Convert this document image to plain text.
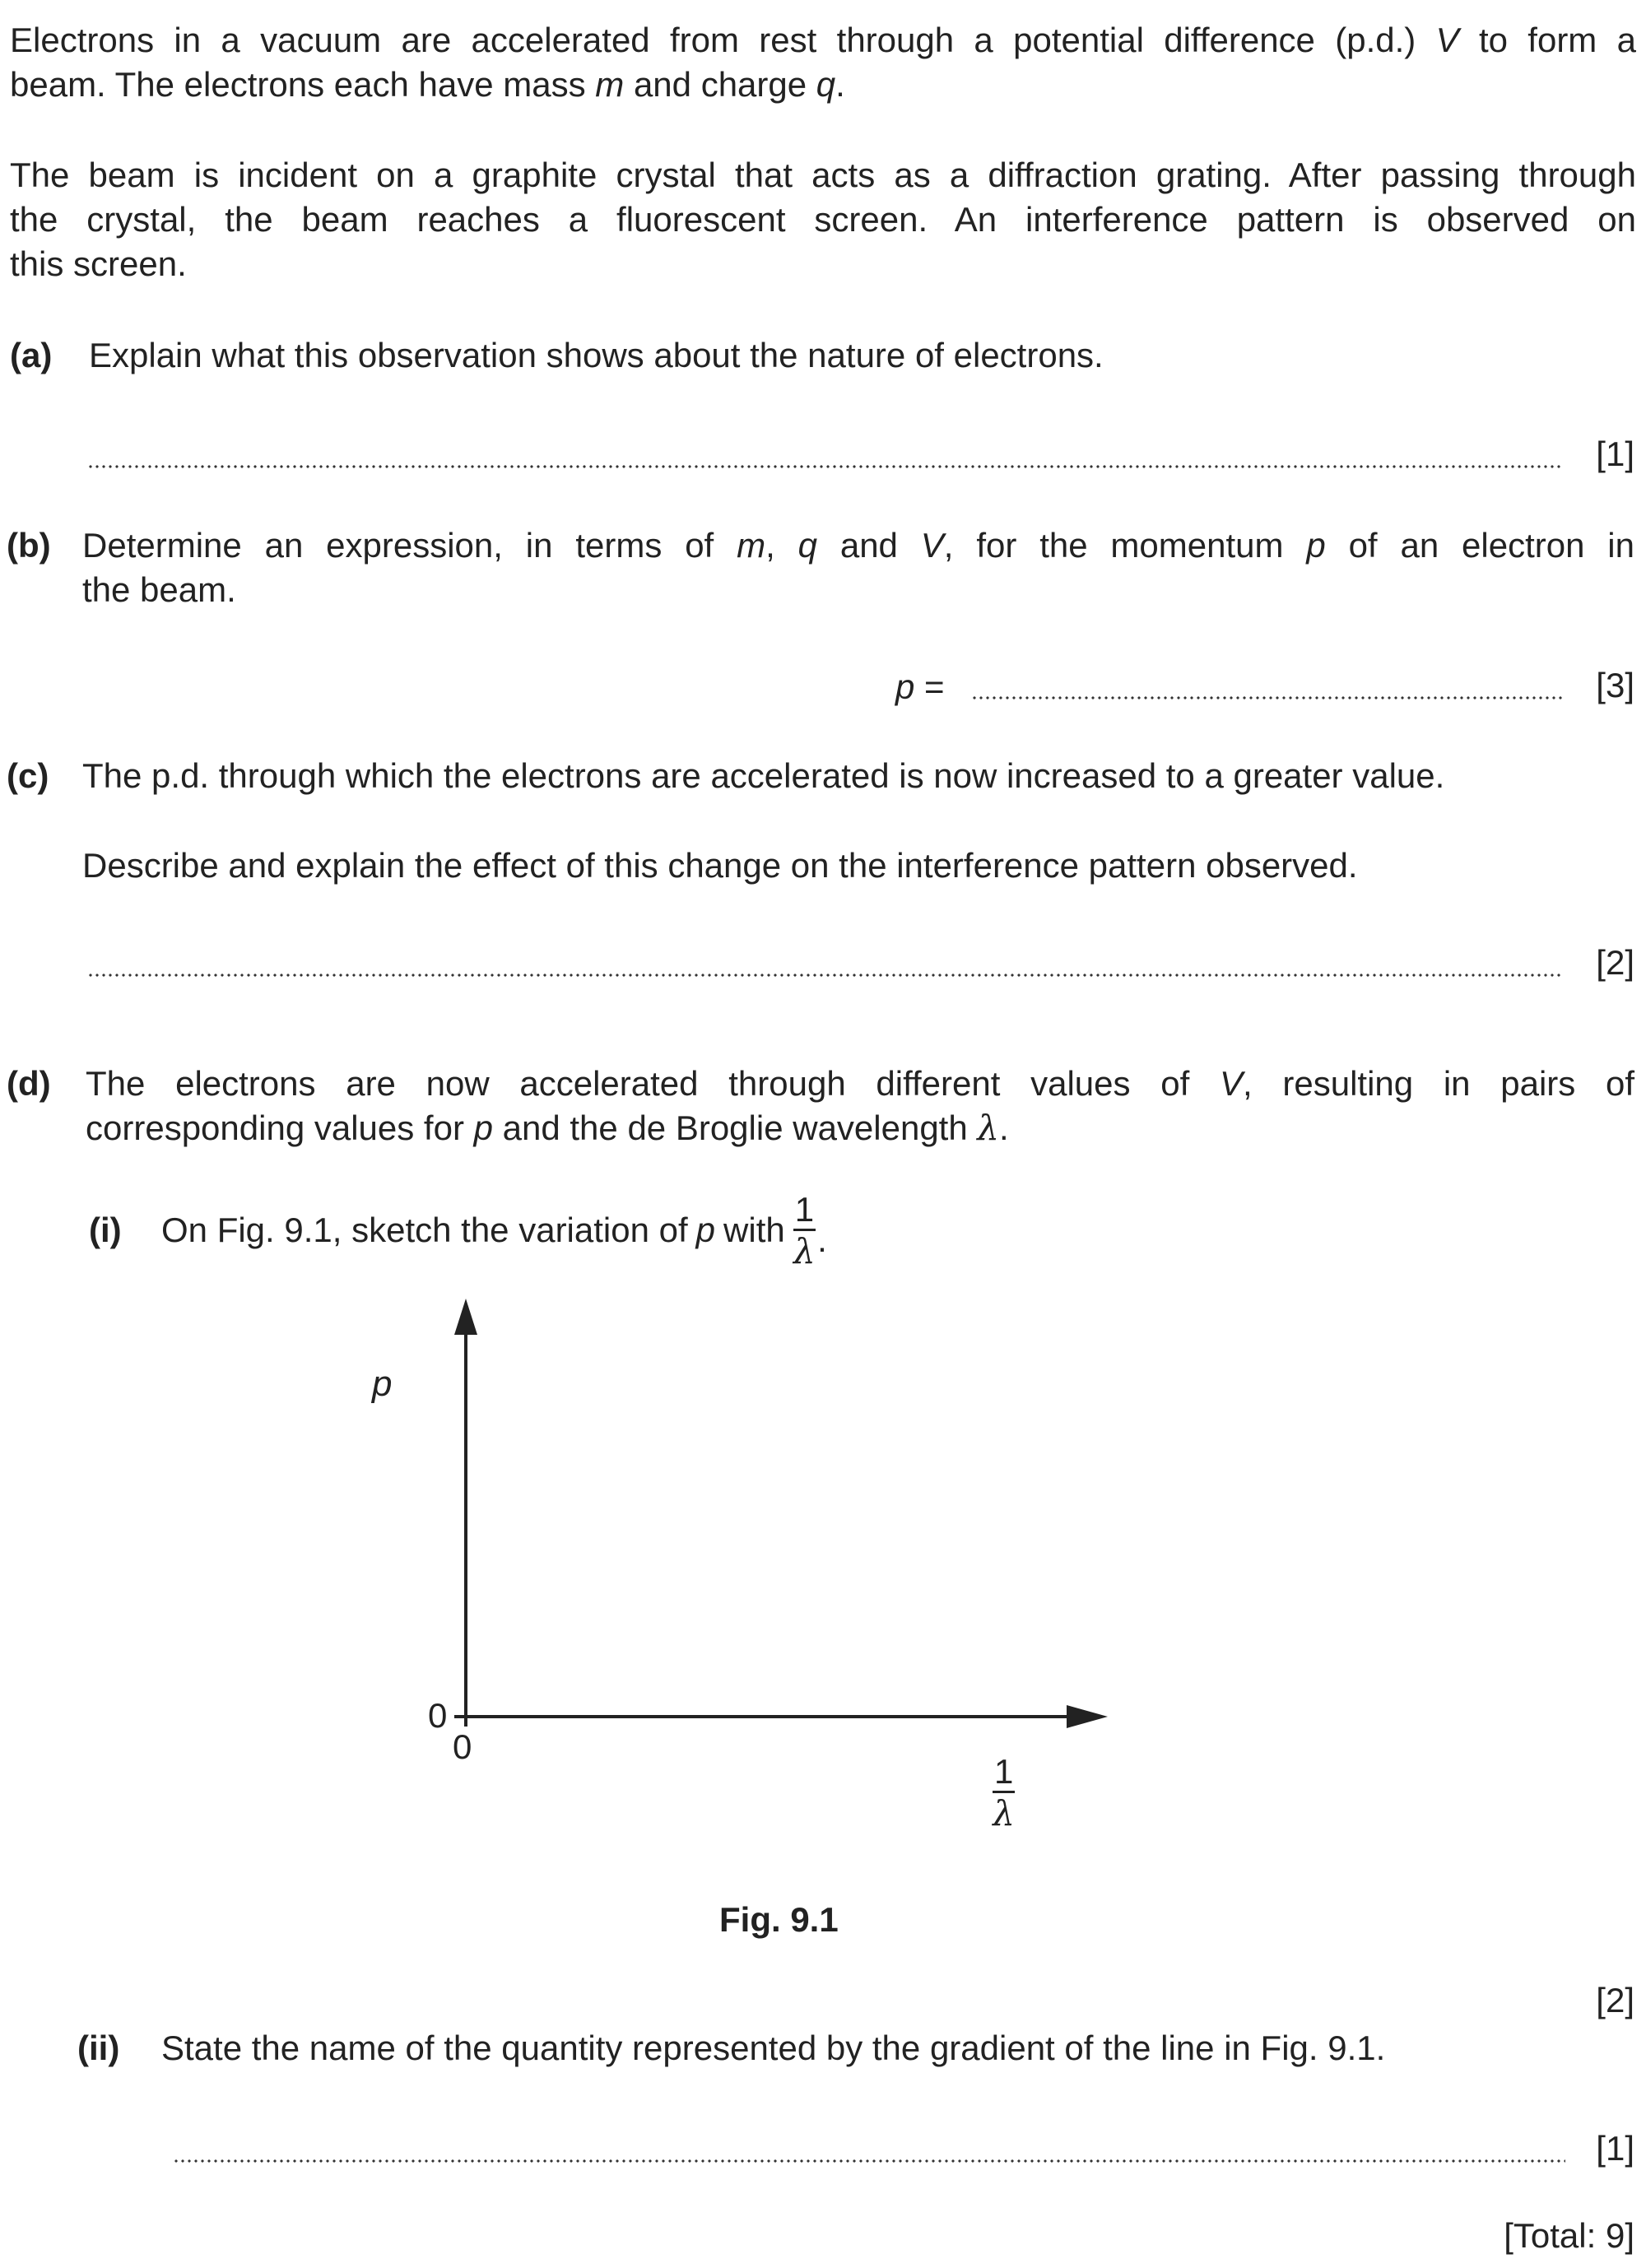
Electrons in a vacuum are accelerated from rest through a potential difference (p.d.) V to form a
beam. The electrons each have mass m and charge q.
The beam is incident on a graphite crystal that acts as a diffraction grating. After passing through
the crystal, the beam reaches a fluorescent screen. An interference pattern is observed on
this screen.
(a) Explain what this observation shows about the nature of electrons.
[1]
(b) Determine an expression, in terms of m, q and V, for the momentum p of an electron in
the beam.
p =	[3]
(c) The p.d. through which the electrons are accelerated is now increased to a greater value.
Describe and explain the effect of this change on the interference pattern observed.
[2]
(d) The electrons are now accelerated through different values of V, resulting in pairs of
corresponding values for p and the de Broglie wavelength λ.
(i) On Fig. 9.1, sketch the variation of p with $\frac{1}{\lambda}$ .
p
0
0
$\frac{1}{\lambda}$
Fig. 9.1
[2]
(ii) State the name of the quantity represented by the gradient of the line in Fig. 9.1.
[1]
[Total: 9]
